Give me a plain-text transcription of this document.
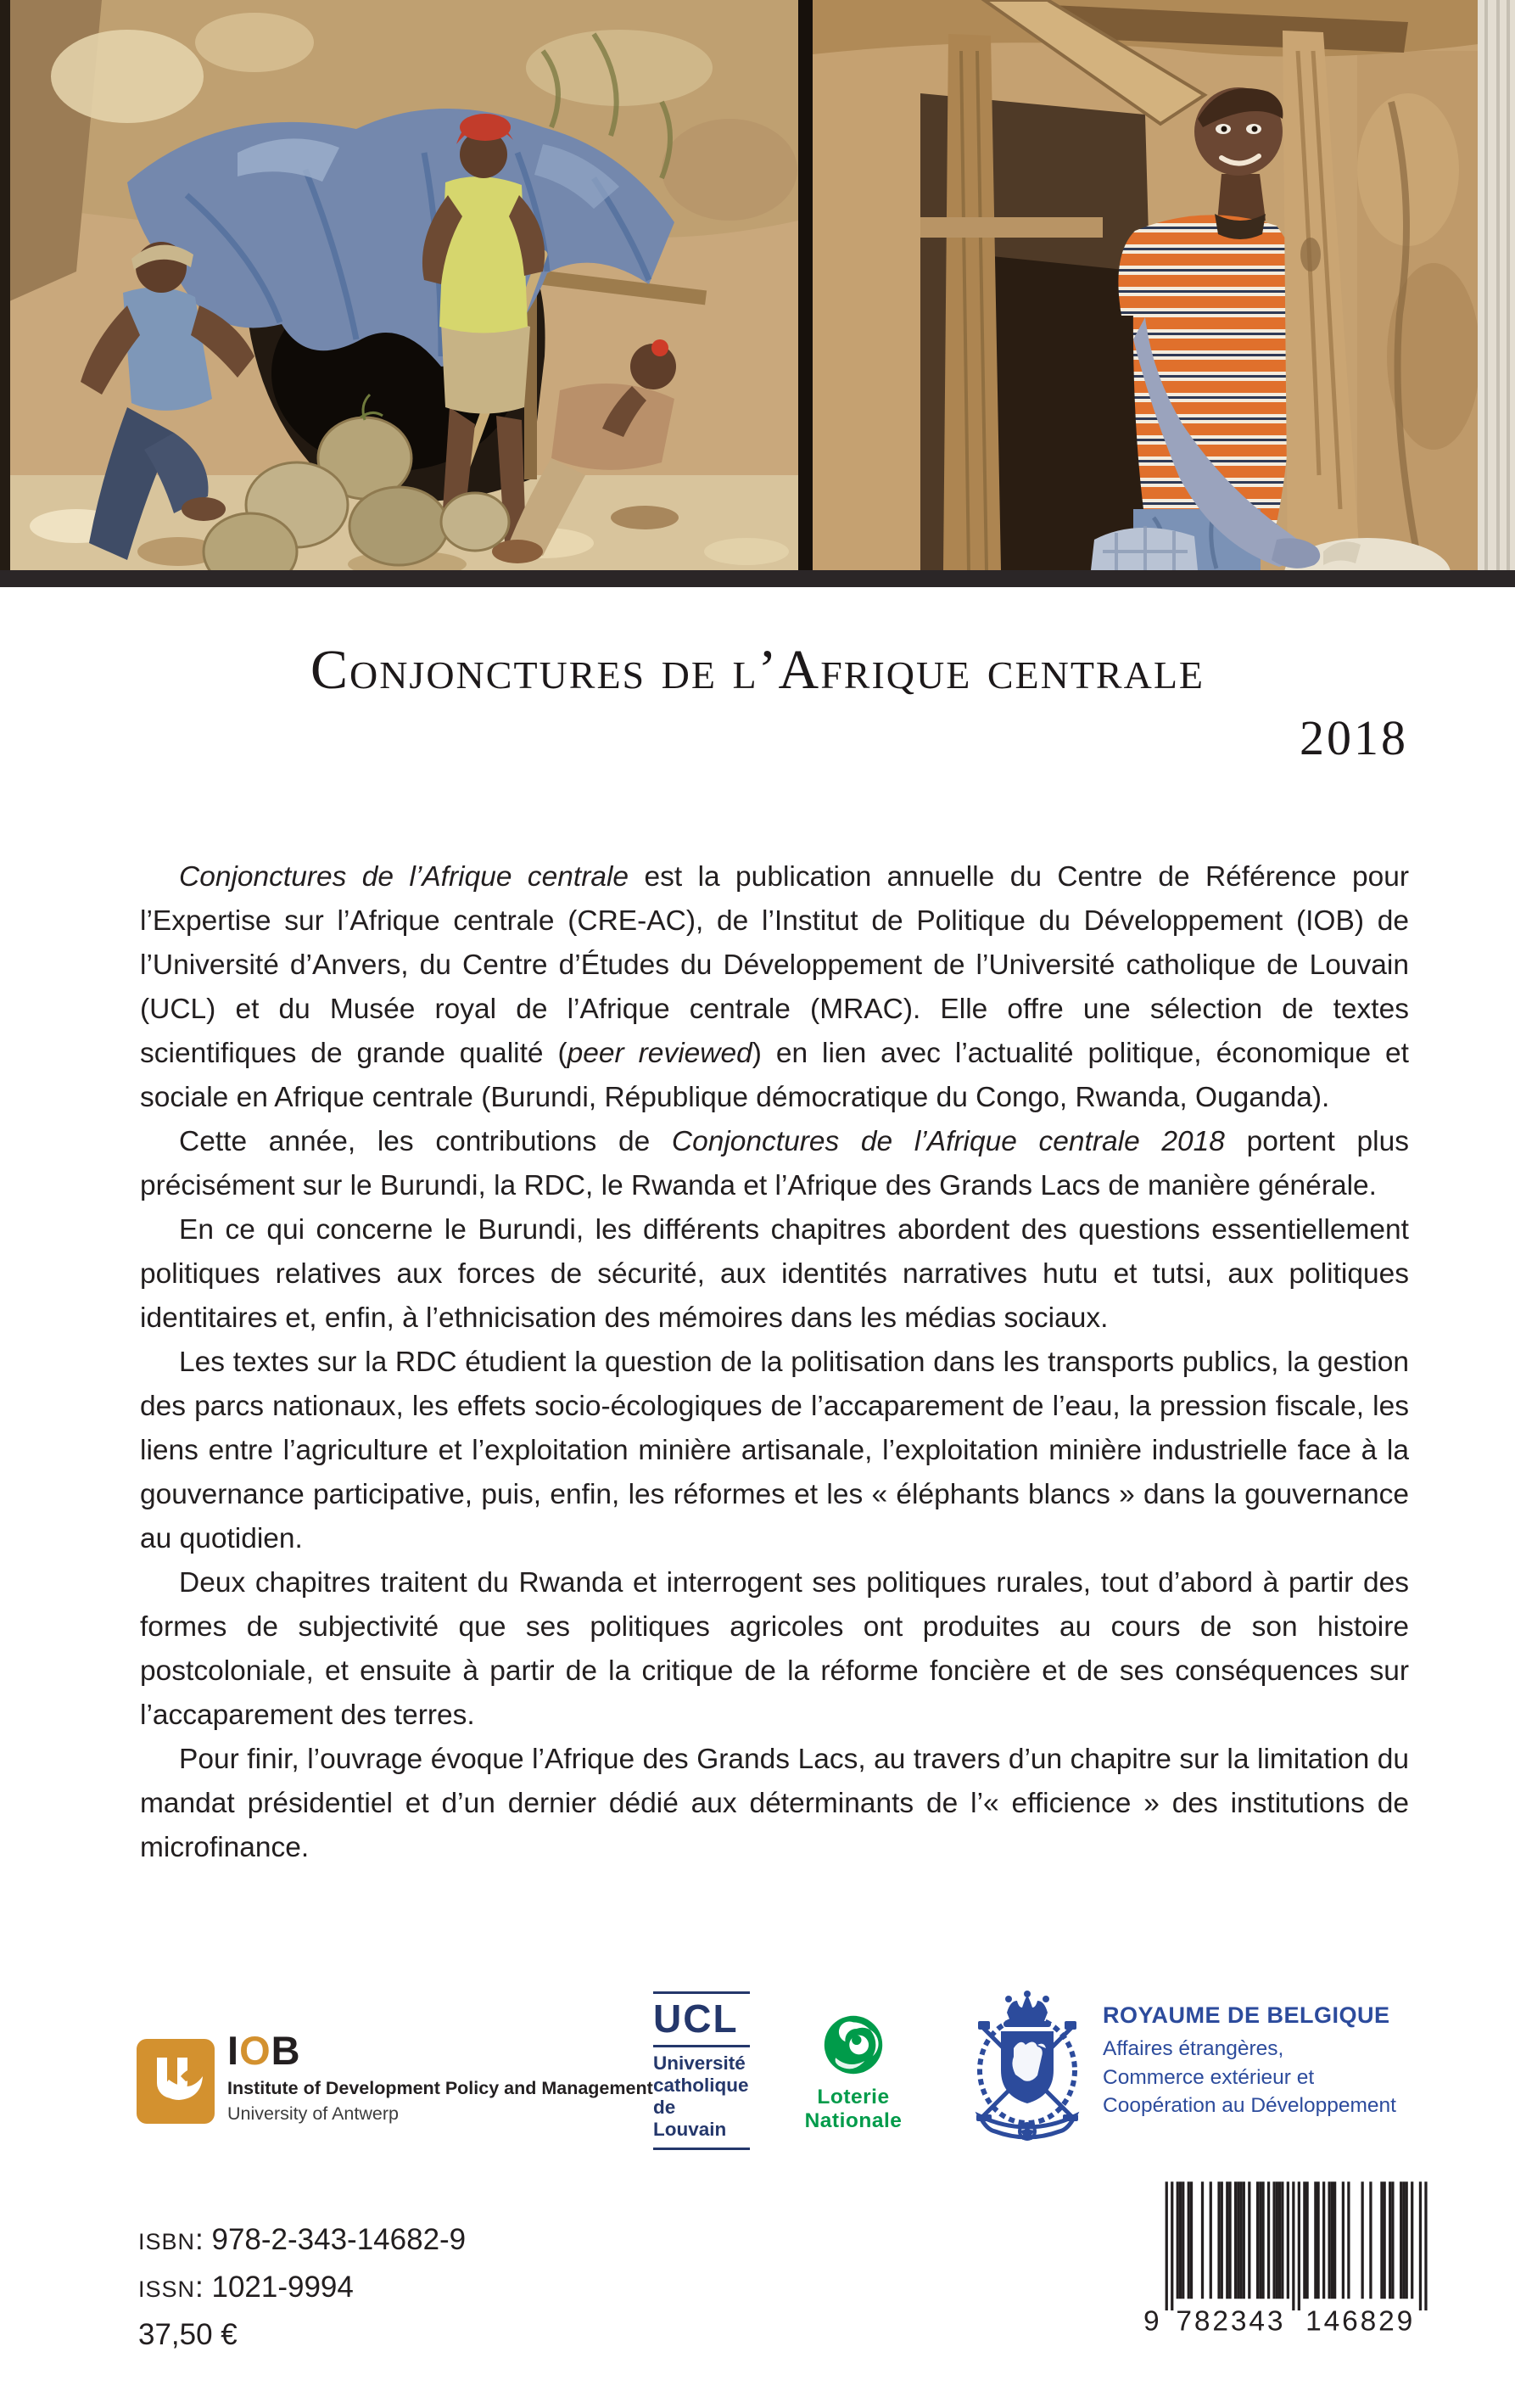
Conjonctures de l’Afrique centrale
2018

Conjonctures de l’Afrique centrale est la publication annuelle du Centre de Référence pour l’Expertise sur l’Afrique centrale (CRE-AC), de l’Institut de Politique du Développement (IOB) de l’Université d’Anvers, du Centre d’Études du Développement de l’Université catholique de Louvain (UCL) et du Musée royal de l’Afrique centrale (MRAC). Elle offre une sélection de textes scientifiques de grande qualité (peer reviewed) en lien avec l’actualité politique, économique et sociale en Afrique centrale (Burundi, République démocratique du Congo, Rwanda, Ouganda).

Cette année, les contributions de Conjonctures de l’Afrique centrale 2018 portent plus précisément sur le Burundi, la RDC, le Rwanda et l’Afrique des Grands Lacs de manière générale.

En ce qui concerne le Burundi, les différents chapitres abordent des questions essentiellement politiques relatives aux forces de sécurité, aux identités narratives hutu et tutsi, aux politiques identitaires et, enfin, à l’ethnicisation des mémoires dans les médias sociaux.

Les textes sur la RDC étudient la question de la politisation dans les transports publics, la gestion des parcs nationaux, les effets socio-écologiques de l’accaparement de l’eau, la pression fiscale, les liens entre l’agriculture et l’exploitation minière artisanale, l’exploitation minière industrielle face à la gouvernance participative, puis, enfin, les réformes et les « éléphants blancs » dans la gouvernance au quotidien.

Deux chapitres traitent du Rwanda et interrogent ses politiques rurales, tout d’abord à partir des formes de subjectivité que ses politiques agricoles ont produites au cours de son histoire postcoloniale, et ensuite à partir de la critique de la réforme foncière et de ses conséquences sur l’accaparement des terres.

Pour finir, l’ouvrage évoque l’Afrique des Grands Lacs, au travers d’un chapitre sur la limitation du mandat présidentiel et d’un dernier dédié aux déterminants de l’« efficience » des institutions de microfinance.

IOB
Institute of Development Policy and Management
University of Antwerp
UCL
Université
catholique
de Louvain
Loterie Nationale
ROYAUME DE BELGIQUE
Affaires étrangères,
Commerce extérieur et
Coopération au Développement
ISBN : 978-2-343-14682-9
ISSN : 1021-9994
37,50 €	9 782343 146829
